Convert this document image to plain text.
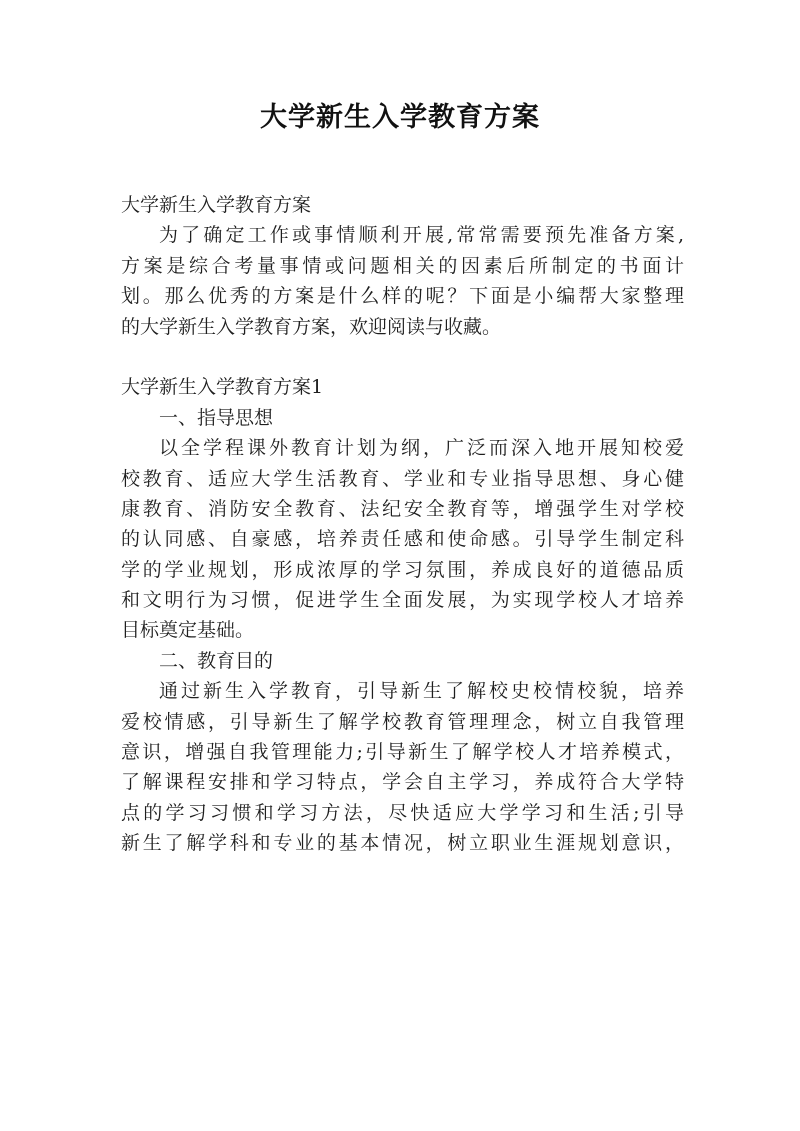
大学新生入学教育方案
大学新生入学教育方案
为了确定工作或事情顺利开展,常常需要预先准备方案,
方案是综合考量事情或问题相关的因素后所制定的书面计
划。那么优秀的方案是什么样的呢？下面是小编帮大家整理
的大学新生入学教育方案，欢迎阅读与收藏。
大学新生入学教育方案1
一、指导思想
以全学程课外教育计划为纲，广泛而深入地开展知校爱
校教育、适应大学生活教育、学业和专业指导思想、身心健
康教育、消防安全教育、法纪安全教育等，增强学生对学校
的认同感、自豪感，培养责任感和使命感。引导学生制定科
学的学业规划，形成浓厚的学习氛围，养成良好的道德品质
和文明行为习惯，促进学生全面发展，为实现学校人才培养
目标奠定基础。
二、教育目的
通过新生入学教育，引导新生了解校史校情校貌，培养
爱校情感，引导新生了解学校教育管理理念，树立自我管理
意识，增强自我管理能力;引导新生了解学校人才培养模式，
了解课程安排和学习特点，学会自主学习，养成符合大学特
点的学习习惯和学习方法，尽快适应大学学习和生活;引导
新生了解学科和专业的基本情况，树立职业生涯规划意识，
